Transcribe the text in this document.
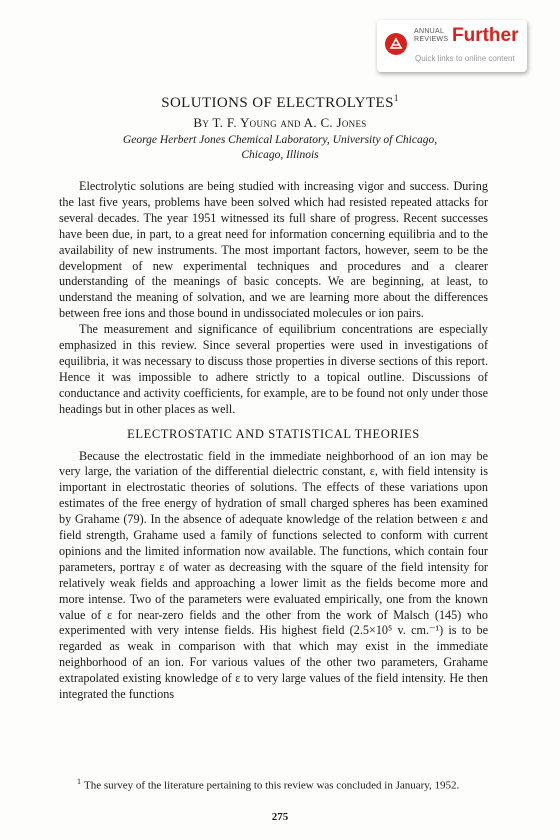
ANNUAL
REVIEWS Further
Quick links to online content
SOLUTIONS OF ELECTROLYTES$^1$
By T. F. Young and A. C. Jones
George Herbert Jones Chemical Laboratory, University of Chicago,
Chicago, Illinois

Electrolytic solutions are being studied with increasing vigor and success. During the last five years, problems have been solved which had resisted repeated attacks for several decades. The year 1951 witnessed its full share of progress. Recent successes have been due, in part, to a great need for information concerning equilibria and to the availability of new instruments. The most important factors, however, seem to be the development of new experimental techniques and procedures and a clearer understanding of the meanings of basic concepts. We are beginning, at least, to understand the meaning of solvation, and we are learning more about the differences between free ions and those bound in undissociated molecules or ion pairs.

The measurement and significance of equilibrium concentrations are especially emphasized in this review. Since several properties were used in investigations of equilibria, it was necessary to discuss those properties in diverse sections of this report. Hence it was impossible to adhere strictly to a topical outline. Discussions of conductance and activity coefficients, for example, are to be found not only under those headings but in other places as well.

ELECTROSTATIC AND STATISTICAL THEORIES

Because the electrostatic field in the immediate neighborhood of an ion may be very large, the variation of the differential dielectric constant, ε, with field intensity is important in electrostatic theories of solutions. The effects of these variations upon estimates of the free energy of hydration of small charged spheres has been examined by Grahame (79). In the absence of adequate knowledge of the relation between ε and field strength, Grahame used a family of functions selected to conform with current opinions and the limited information now available. The functions, which contain four parameters, portray ε of water as decreasing with the square of the field intensity for relatively weak fields and approaching a lower limit as the fields become more and more intense. Two of the parameters were evaluated empirically, one from the known value of ε for near-zero fields and the other from the work of Malsch (145) who experimented with very intense fields. His highest field (2.5×10⁵ v. cm.⁻¹) is to be regarded as weak in comparison with that which may exist in the immediate neighborhood of an ion. For various values of the other two parameters, Grahame extrapolated existing knowledge of ε to very large values of the field intensity. He then integrated the functions

$^1$ The survey of the literature pertaining to this review was concluded in January, 1952.
275
